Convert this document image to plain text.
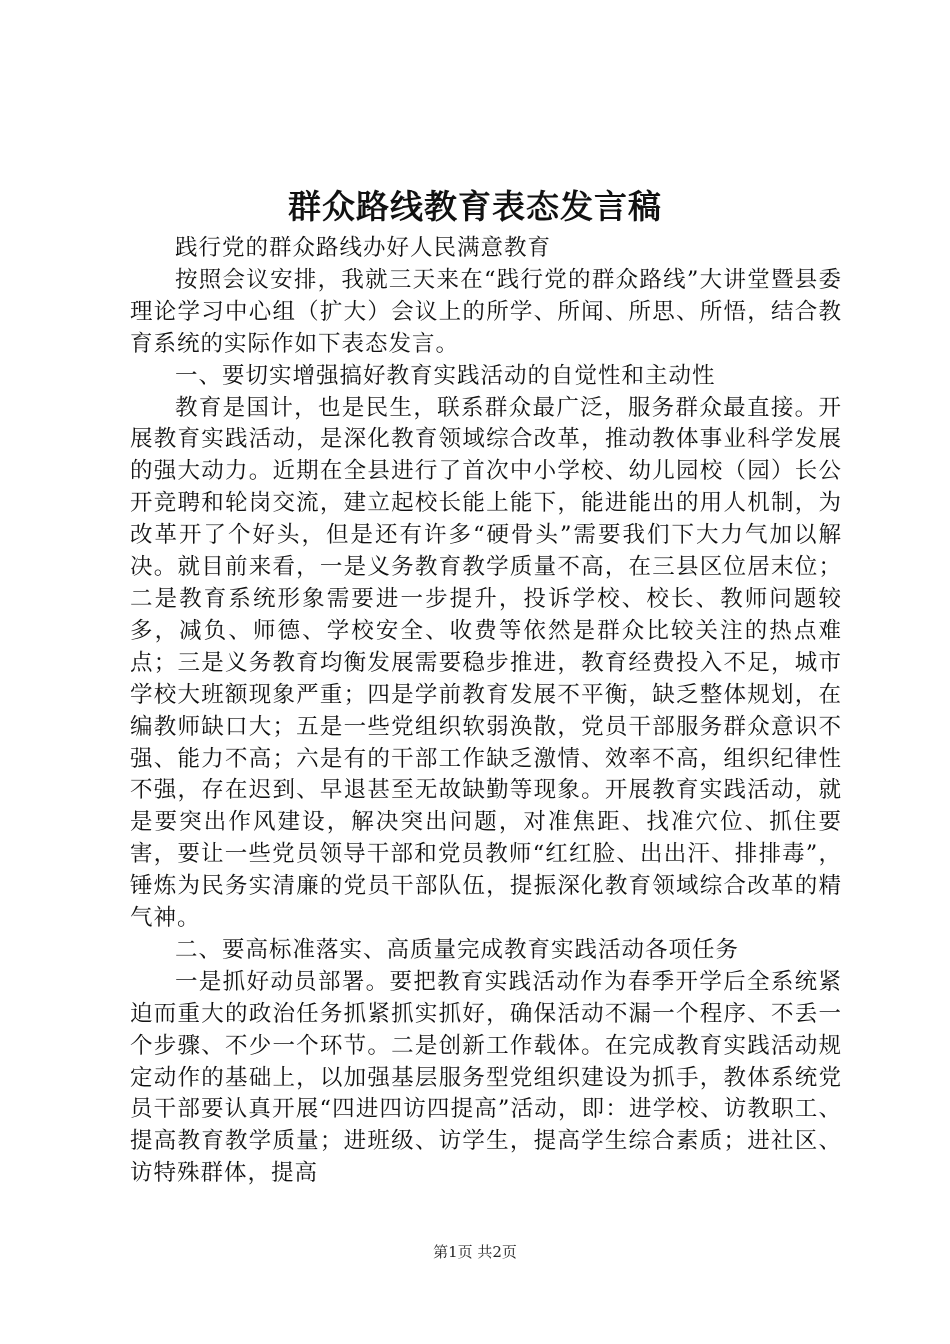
群众路线教育表态发言稿

践行党的群众路线办好人民满意教育

按照会议安排，我就三天来在“践行党的群众路线”大讲堂暨县委理论学习中心组（扩大）会议上的所学、所闻、所思、所悟，结合教育系统的实际作如下表态发言。

一、要切实增强搞好教育实践活动的自觉性和主动性

教育是国计，也是民生，联系群众最广泛，服务群众最直接。开展教育实践活动，是深化教育领域综合改革，推动教体事业科学发展的强大动力。近期在全县进行了首次中小学校、幼儿园校（园）长公开竞聘和轮岗交流，建立起校长能上能下，能进能出的用人机制，为改革开了个好头，但是还有许多“硬骨头”需要我们下大力气加以解决。就目前来看，一是义务教育教学质量不高，在三县区位居末位；二是教育系统形象需要进一步提升，投诉学校、校长、教师问题较多，减负、师德、学校安全、收费等依然是群众比较关注的热点难点；三是义务教育均衡发展需要稳步推进，教育经费投入不足，城市学校大班额现象严重；四是学前教育发展不平衡，缺乏整体规划，在编教师缺口大；五是一些党组织软弱涣散，党员干部服务群众意识不强、能力不高；六是有的干部工作缺乏激情、效率不高，组织纪律性不强，存在迟到、早退甚至无故缺勤等现象。开展教育实践活动，就是要突出作风建设，解决突出问题，对准焦距、找准穴位、抓住要害，要让一些党员领导干部和党员教师“红红脸、出出汗、排排毒”，锤炼为民务实清廉的党员干部队伍，提振深化教育领域综合改革的精气神。

二、要高标准落实、高质量完成教育实践活动各项任务

一是抓好动员部署。要把教育实践活动作为春季开学后全系统紧迫而重大的政治任务抓紧抓实抓好，确保活动不漏一个程序、不丢一个步骤、不少一个环节。二是创新工作载体。在完成教育实践活动规定动作的基础上，以加强基层服务型党组织建设为抓手，教体系统党员干部要认真开展“四进四访四提高”活动，即：进学校、访教职工、提高教育教学质量；进班级、访学生，提高学生综合素质；进社区、访特殊群体，提高

第1页 共2页
